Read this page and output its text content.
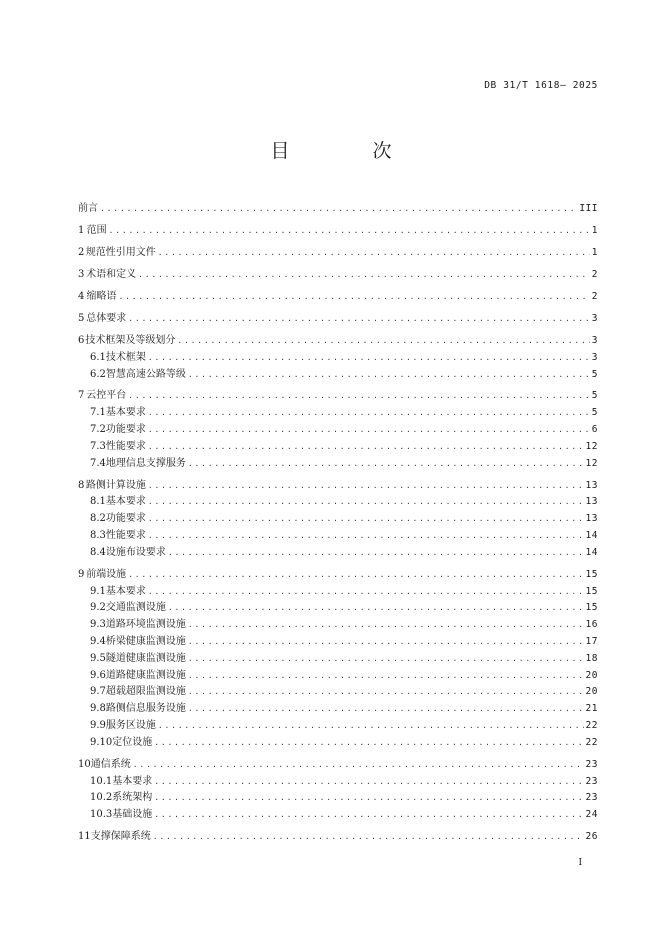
DB 31/T 1618— 2025
目　次
前言 .....	III
1 范围 .....	1
2 规范性引用文件 .....	1
3 术语和定义 .....	2
4 缩略语 .....	2
5 总体要求 .....	3
6 技术框架及等级划分 .....	3
6.1 技术框架 .....	3
6.2 智慧高速公路等级 .....	5
7 云控平台 .....	5
7.1 基本要求 .....	5
7.2 功能要求 .....	6
7.3 性能要求 .....	12
7.4 地理信息支撑服务 .....	12
8 路侧计算设施 .....	13
8.1 基本要求 .....	13
8.2 功能要求 .....	13
8.3 性能要求 .....	14
8.4 设施布设要求 .....	14
9 前端设施 .....	15
9.1 基本要求 .....	15
9.2 交通监测设施 .....	15
9.3 道路环境监测设施 .....	16
9.4 桥梁健康监测设施 .....	17
9.5 隧道健康监测设施 .....	18
9.6 道路健康监测设施 .....	20
9.7 超载超限监测设施 .....	20
9.8 路侧信息服务设施 .....	21
9.9 服务区设施 .....	22
9.10 定位设施 .....	22
10 通信系统 .....	23
10.1 基本要求 .....	23
10.2 系统架构 .....	23
10.3 基础设施 .....	24
11 支撑保障系统 .....	26
I
